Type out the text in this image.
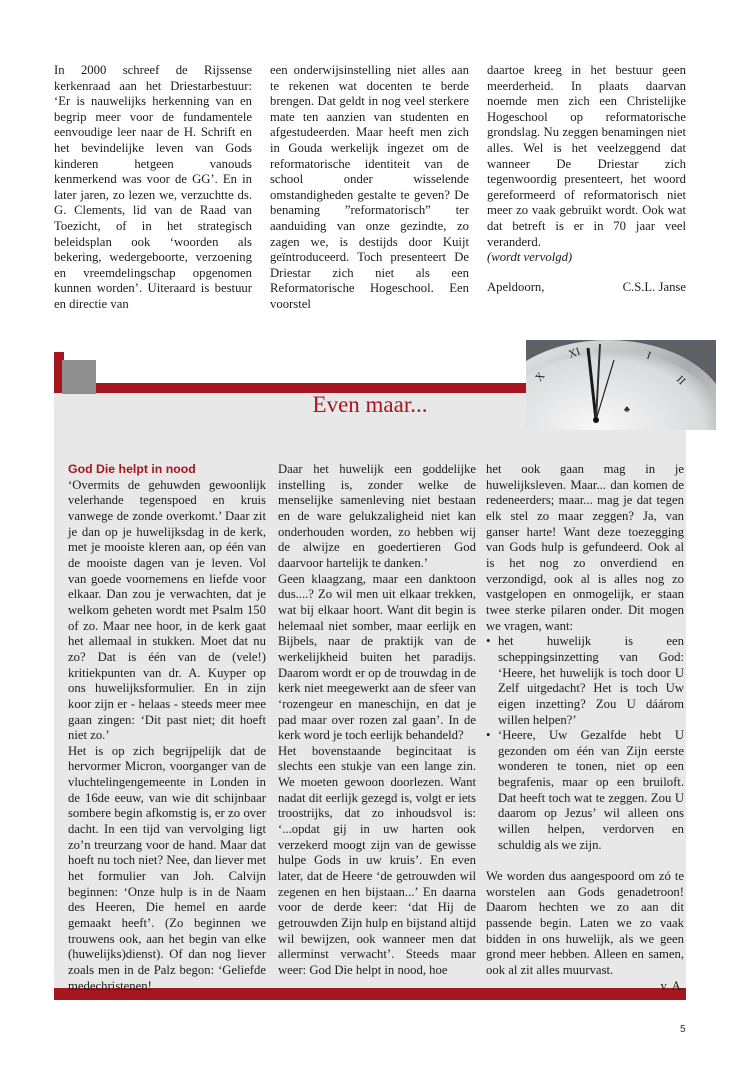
In 2000 schreef de Rijssense kerkenraad aan het Driestarbestuur: ‘Er is nauwelijks herkenning van en begrip meer voor de fundamentele eenvoudige leer naar de H. Schrift en het bevindelijke leven van Gods kinderen hetgeen vanouds kenmerkend was voor de GG’. En in later jaren, zo lezen we, verzuchtte ds. G. Clements, lid van de Raad van Toezicht, of in het strategisch beleidsplan ook ‘woorden als bekering, wedergeboorte, verzoening en vreemdelingschap opgenomen kunnen worden’. Uiteraard is bestuur en directie van

een onderwijsinstelling niet alles aan te rekenen wat docenten te berde brengen. Dat geldt in nog veel sterkere mate ten aanzien van studenten en afgestudeerden. Maar heeft men zich in Gouda werkelijk ingezet om de reformatorische identiteit van de school onder wisselende omstandigheden gestalte te geven? De benaming ”reformatorisch” ter aanduiding van onze gezindte, zo zagen we, is destijds door Kuijt geïntroduceerd. Toch presenteert De Driestar zich niet als een Reformatorische Hogeschool. Een voorstel

daartoe kreeg in het bestuur geen meerderheid. In plaats daarvan noemde men zich een Christelijke Hogeschool op reformatorische grondslag. Nu zeggen benamingen niet alles. Wel is het veelzeggend dat wanneer De Driestar zich tegenwoordig presenteert, het woord gereformeerd of reformatorisch niet meer zo vaak gebruikt wordt. Ook wat dat betreft is er in 70 jaar veel veranderd.

(wordt vervolgd)

Apeldoorn,	C.S.L. Janse
XI	I
II
X
♣
Even maar...

God Die helpt in nood

‘Overmits de gehuwden gewoonlijk velerhande tegenspoed en kruis vanwege de zonde overkomt.’ Daar zit je dan op je huwelijksdag in de kerk, met je mooiste kleren aan, op één van de mooiste dagen van je leven. Vol van goede voornemens en liefde voor elkaar. Dan zou je verwachten, dat je welkom geheten wordt met Psalm 150 of zo. Maar nee hoor, in de kerk gaat het allemaal in stukken. Moet dat nu zo? Dat is één van de (vele!) kritiekpunten van dr. A. Kuyper op ons huwelijksformulier. En in zijn koor zijn er - helaas - steeds meer mee gaan zingen: ‘Dit past niet; dit hoeft niet zo.’

Het is op zich begrijpelijk dat de hervormer Micron, voorganger van de vluchtelingengemeente in Londen in de 16de eeuw, van wie dit schijnbaar sombere begin afkomstig is, er zo over dacht. In een tijd van vervolging ligt zo’n treurzang voor de hand. Maar dat hoeft nu toch niet? Nee, dan liever met het formulier van Joh. Calvijn beginnen: ‘Onze hulp is in de Naam des Heeren, Die hemel en aarde gemaakt heeft’. (Zo beginnen we trouwens ook, aan het begin van elke (huwelijks)dienst). Of dan nog liever zoals men in de Palz begon: ‘Geliefde medechristenen!

Daar het huwelijk een goddelijke instelling is, zonder welke de menselijke samenleving niet bestaan en de ware gelukzaligheid niet kan onderhouden worden, zo hebben wij de alwijze en goedertieren God daarvoor hartelijk te danken.’

Geen klaagzang, maar een danktoon dus....? Zo wil men uit elkaar trekken, wat bij elkaar hoort. Want dit begin is helemaal niet somber, maar eerlijk en Bijbels, naar de praktijk van de werkelijkheid buiten het paradijs. Daarom wordt er op de trouwdag in de kerk niet meegewerkt aan de sfeer van ‘rozengeur en maneschijn, en dat je pad maar over rozen zal gaan’. In de kerk word je toch eerlijk behandeld?

Het bovenstaande begincitaat is slechts een stukje van een lange zin. We moeten gewoon doorlezen. Want nadat dit eerlijk gezegd is, volgt er iets troostrijks, dat zo inhoudsvol is: ‘...opdat gij in uw harten ook verzekerd moogt zijn van de gewisse hulpe Gods in uw kruis’. En even later, dat de Heere ‘de getrouwden wil zegenen en hen bijstaan...’ En daarna voor de derde keer: ‘dat Hij de getrouwden Zijn hulp en bijstand altijd wil bewijzen, ook wanneer men dat allerminst verwacht’. Steeds maar weer: God Die helpt in nood, hoe

het ook gaan mag in je huwelijksleven. Maar... dan komen de redeneerders; maar... mag je dat tegen elk stel zo maar zeggen? Ja, van ganser harte! Want deze toezegging van Gods hulp is gefundeerd. Ook al is het nog zo onverdiend en verzondigd, ook al is alles nog zo vastgelopen en onmogelijk, er staan twee sterke pilaren onder. Dit mogen we vragen, want:

• het huwelijk is een scheppingsinzetting van God: ‘Heere, het huwelijk is toch door U Zelf uitgedacht? Het is toch Uw eigen inzetting? Zou U dáárom willen helpen?’
• ‘Heere, Uw Gezalfde hebt U gezonden om één van Zijn eerste wonderen te tonen, niet op een begrafenis, maar op een bruiloft. Dat heeft toch wat te zeggen. Zou U daarom op Jezus’ wil alleen ons willen helpen, verdorven en schuldig als we zijn.

We worden dus aangespoord om zó te worstelen aan Gods genadetroon! Daarom hechten we zo aan dit passende begin. Laten we zo vaak bidden in ons huwelijk, als we geen grond meer hebben. Alleen en samen, ook al zit alles muurvast.

v. A.

5
